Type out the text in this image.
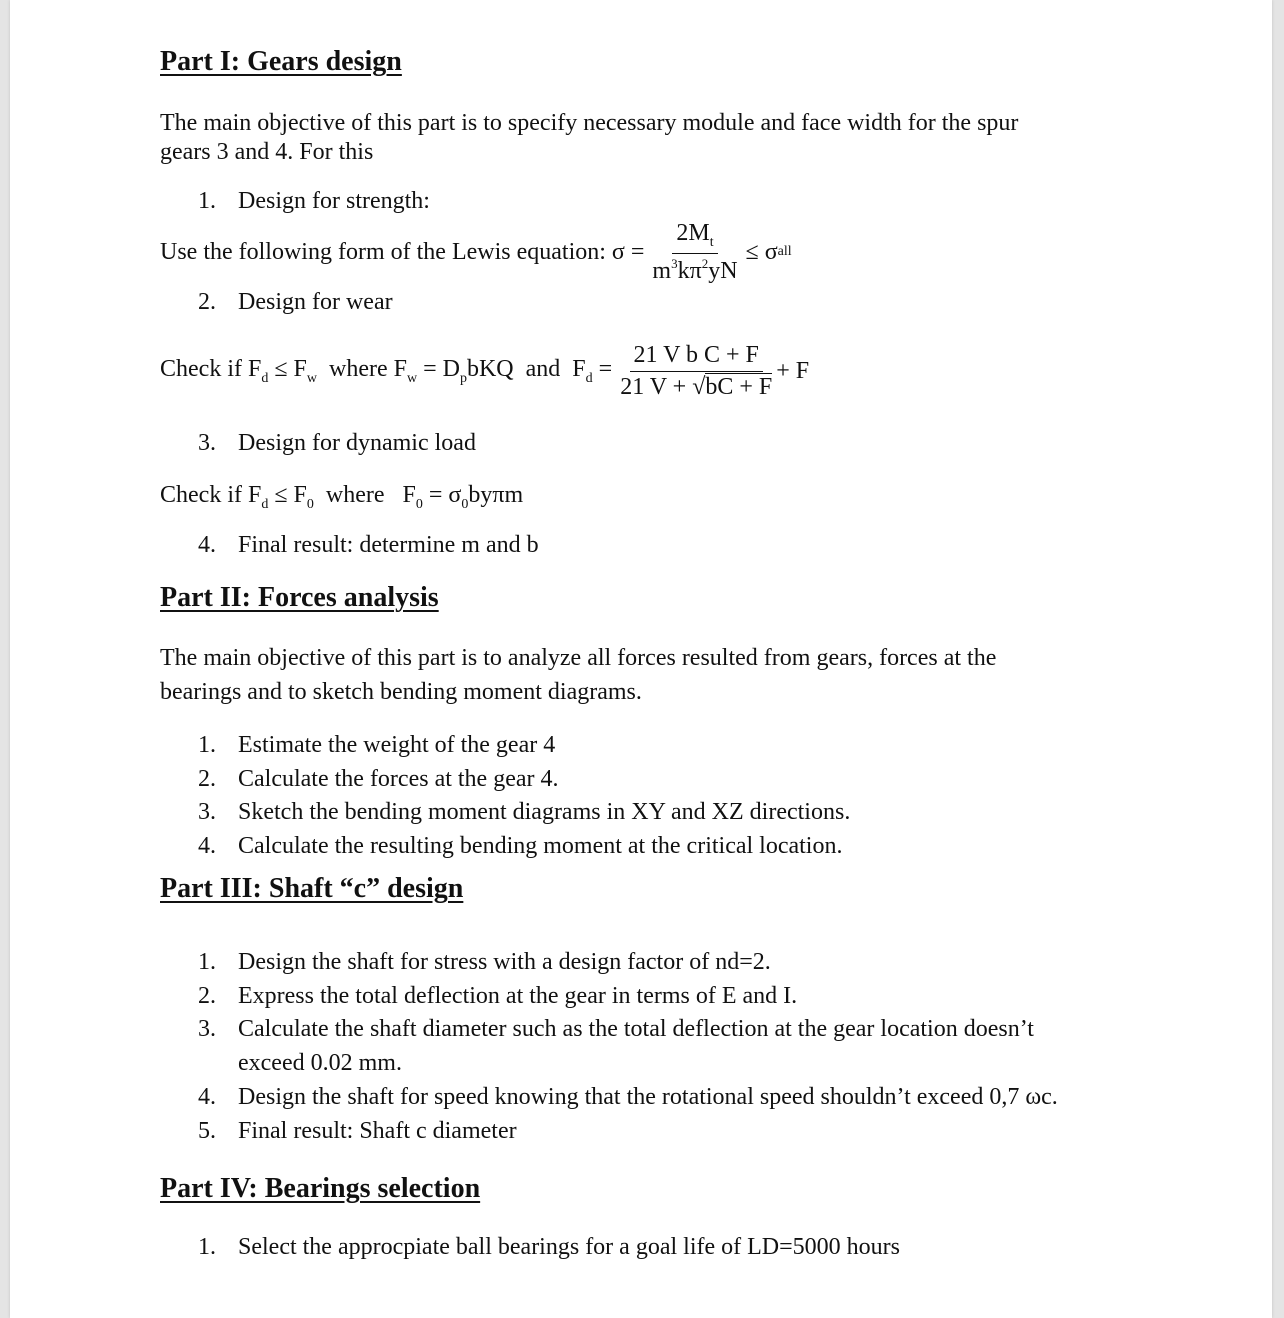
Part I: Gears design
The main objective of this part is to specify necessary module and face width for the spur
gears 3 and 4. For this
1. Design for strength:
Use the following form of the Lewis equation: $\sigma = \frac{2M_t}{m^3k\pi^2yN} \le \sigma$ all
2. Design for wear
Check if $F_d \le F_w$  where $F_w = D_pbKQ$  and  $F_d = \frac{\text{21 V b C + F}}{21 V + √bC + F} + F$
3. Design for dynamic load
Check if $F_d \le F_0$  where   $F_0 = \sigma_0by\pi m$
4. Final result: determine m and b
Part II: Forces analysis
The main objective of this part is to analyze all forces resulted from gears, forces at the
bearings and to sketch bending moment diagrams.
1. Estimate the weight of the gear 4
2. Calculate the forces at the gear 4.
3. Sketch the bending moment diagrams in XY and XZ directions.
4. Calculate the resulting bending moment at the critical location.
Part III: Shaft “c” design
1. Design the shaft for stress with a design factor of nd=2.
2. Express the total deflection at the gear in terms of E and I.
3. Calculate the shaft diameter such as the total deflection at the gear location doesn’t
exceed 0.02 mm.
4. Design the shaft for speed knowing that the rotational speed shouldn’t exceed 0,7 ωc.
5. Final result: Shaft c diameter
Part IV: Bearings selection
1. Select the approcpiate ball bearings for a goal life of LD=5000 hours
